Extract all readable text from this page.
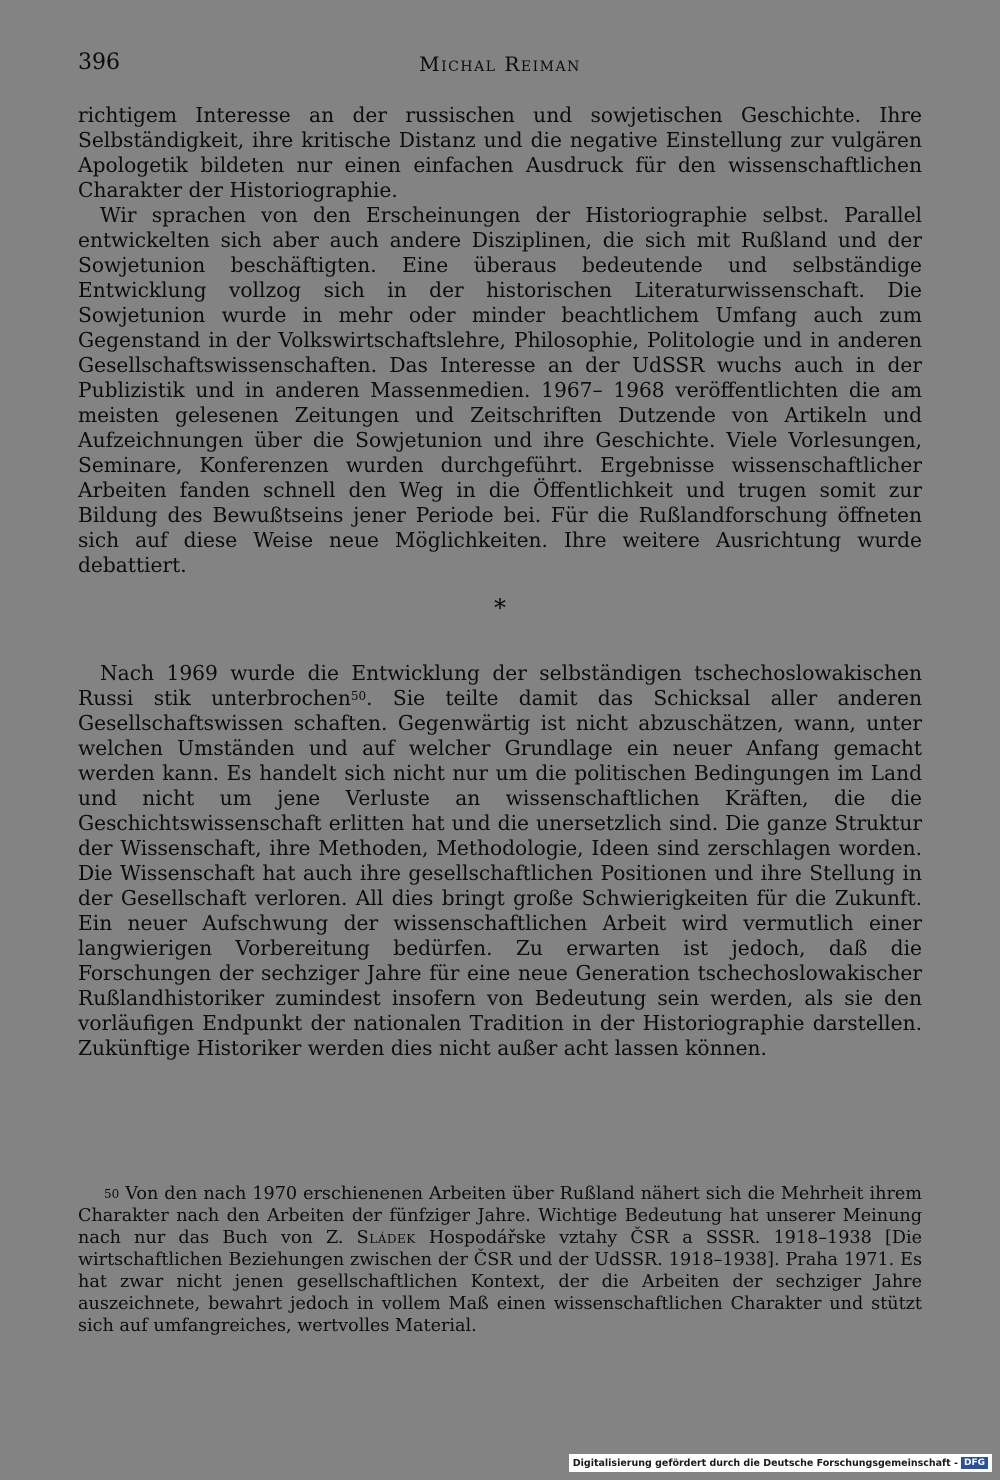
396	Michal Reiman

richtigem Interesse an der russischen und sowjetischen Geschichte. Ihre Selbständigkeit, ihre kritische Distanz und die negative Einstellung zur vulgären Apologetik bildeten nur einen einfachen Ausdruck für den wissenschaftlichen Charakter der Historiographie.

Wir sprachen von den Erscheinungen der Historiographie selbst. Parallel entwickelten sich aber auch andere Disziplinen, die sich mit Rußland und der Sowjetunion beschäftigten. Eine überaus bedeutende und selbständige Entwicklung vollzog sich in der historischen Literaturwissenschaft. Die Sowjetunion wurde in mehr oder minder beachtlichem Umfang auch zum Gegenstand in der Volkswirtschaftslehre, Philosophie, Politologie und in anderen Gesellschaftswissenschaften. Das Interesse an der UdSSR wuchs auch in der Publizistik und in anderen Massenmedien. 1967– 1968 veröffentlichten die am meisten gelesenen Zeitungen und Zeitschriften Dutzende von Artikeln und Aufzeichnungen über die Sowjetunion und ihre Geschichte. Viele Vorlesungen, Seminare, Konferenzen wurden durchgeführt. Ergebnisse wissenschaftlicher Arbeiten fanden schnell den Weg in die Öffentlichkeit und trugen somit zur Bildung des Bewußtseins jener Periode bei. Für die Rußlandforschung öffneten sich auf diese Weise neue Möglichkeiten. Ihre weitere Ausrichtung wurde debattiert.

*

Nach 1969 wurde die Entwicklung der selbständigen tschechoslowakischen Russi stik unterbrochen$^{50}$. Sie teilte damit das Schicksal aller anderen Gesellschaftswissen schaften. Gegenwärtig ist nicht abzuschätzen, wann, unter welchen Umständen und auf welcher Grundlage ein neuer Anfang gemacht werden kann. Es handelt sich nicht nur um die politischen Bedingungen im Land und nicht um jene Verluste an wissenschaftlichen Kräften, die die Geschichtswissenschaft erlitten hat und die unersetzlich sind. Die ganze Struktur der Wissenschaft, ihre Methoden, Methodologie, Ideen sind zerschlagen worden. Die Wissenschaft hat auch ihre gesellschaftlichen Positionen und ihre Stellung in der Gesellschaft verloren. All dies bringt große Schwierigkeiten für die Zukunft. Ein neuer Aufschwung der wissenschaftlichen Arbeit wird vermutlich einer langwierigen Vorbereitung bedürfen. Zu erwarten ist jedoch, daß die Forschungen der sechziger Jahre für eine neue Generation tschechoslowakischer Rußlandhistoriker zumindest insofern von Bedeutung sein werden, als sie den vorläufigen Endpunkt der nationalen Tradition in der Historiographie darstellen. Zukünftige Historiker werden dies nicht außer acht lassen können.

$^{50}$ Von den nach 1970 erschienenen Arbeiten über Rußland nähert sich die Mehrheit ihrem Charakter nach den Arbeiten der fünfziger Jahre. Wichtige Bedeutung hat unserer Meinung nach nur das Buch von Z. Sládek Hospodářske vztahy ČSR a SSSR. 1918–1938 [Die wirtschaftlichen Beziehungen zwischen der ČSR und der UdSSR. 1918–1938]. Praha 1971. Es hat zwar nicht jenen gesellschaftlichen Kontext, der die Arbeiten der sechziger Jahre auszeichnete, bewahrt jedoch in vollem Maß einen wissenschaftlichen Charakter und stützt sich auf umfangreiches, wertvolles Material.

Digitalisierung gefördert durch die Deutsche Forschungsgemeinschaft - DFG
